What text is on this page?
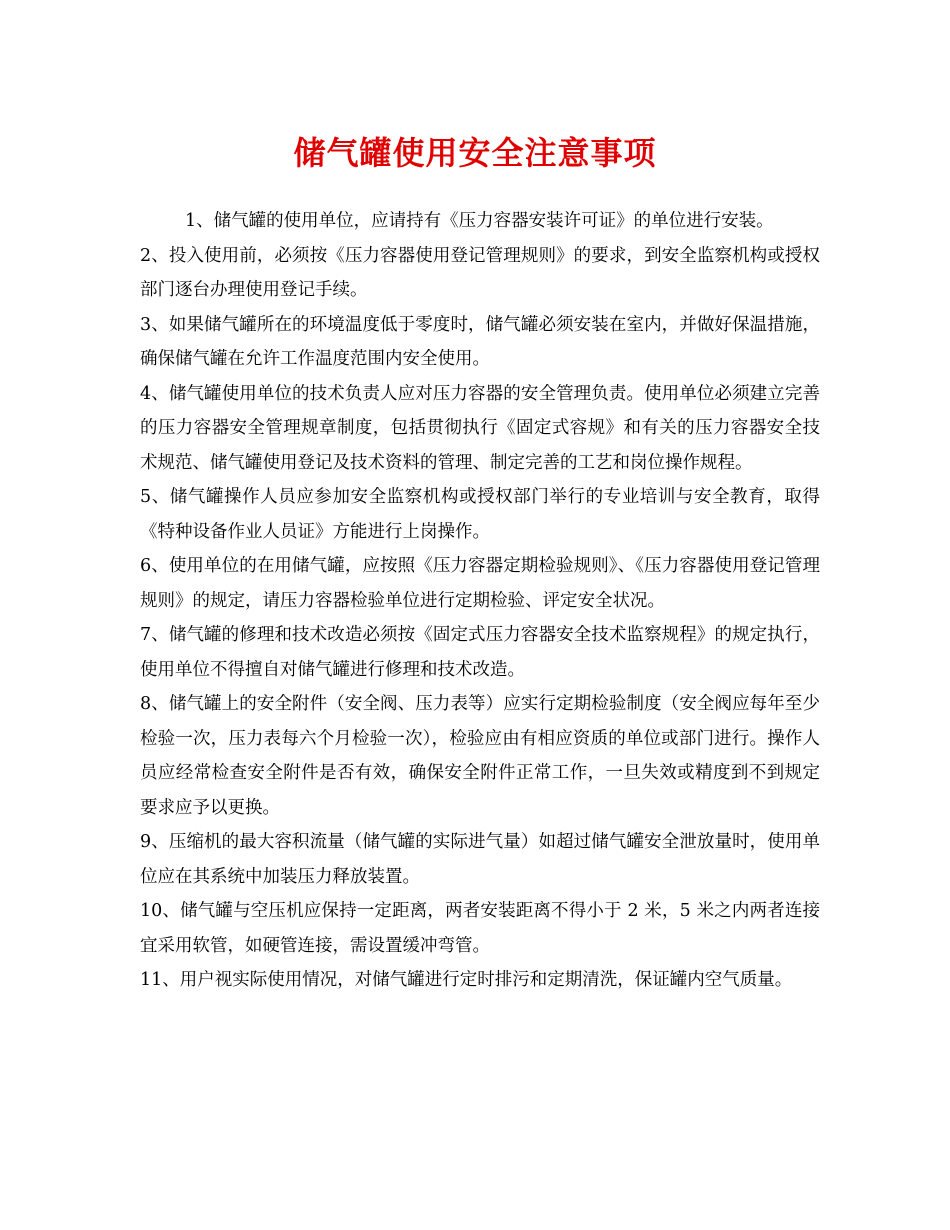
储气罐使用安全注意事项

1、储气罐的使用单位，应请持有《压力容器安装许可证》的单位进行安装。

2、投入使用前，必须按《压力容器使用登记管理规则》的要求，到安全监察机构或授权部门逐台办理使用登记手续。

3、如果储气罐所在的环境温度低于零度时，储气罐必须安装在室内，并做好保温措施，确保储气罐在允许工作温度范围内安全使用。

4、储气罐使用单位的技术负责人应对压力容器的安全管理负责。使用单位必须建立完善的压力容器安全管理规章制度，包括贯彻执行《固定式容规》和有关的压力容器安全技术规范、储气罐使用登记及技术资料的管理、制定完善的工艺和岗位操作规程。

5、储气罐操作人员应参加安全监察机构或授权部门举行的专业培训与安全教育，取得《特种设备作业人员证》方能进行上岗操作。

6、使用单位的在用储气罐，应按照《压力容器定期检验规则》、《压力容器使用登记管理规则》的规定，请压力容器检验单位进行定期检验、评定安全状况。

7、储气罐的修理和技术改造必须按《固定式压力容器安全技术监察规程》的规定执行，使用单位不得擅自对储气罐进行修理和技术改造。

8、储气罐上的安全附件（安全阀、压力表等）应实行定期检验制度（安全阀应每年至少检验一次，压力表每六个月检验一次），检验应由有相应资质的单位或部门进行。操作人员应经常检查安全附件是否有效，确保安全附件正常工作，一旦失效或精度到不到规定要求应予以更换。

9、压缩机的最大容积流量（储气罐的实际进气量）如超过储气罐安全泄放量时，使用单位应在其系统中加装压力释放装置。

10、储气罐与空压机应保持一定距离，两者安装距离不得小于 2 米，5 米之内两者连接宜采用软管，如硬管连接，需设置缓冲弯管。

11、用户视实际使用情况，对储气罐进行定时排污和定期清洗，保证罐内空气质量。
